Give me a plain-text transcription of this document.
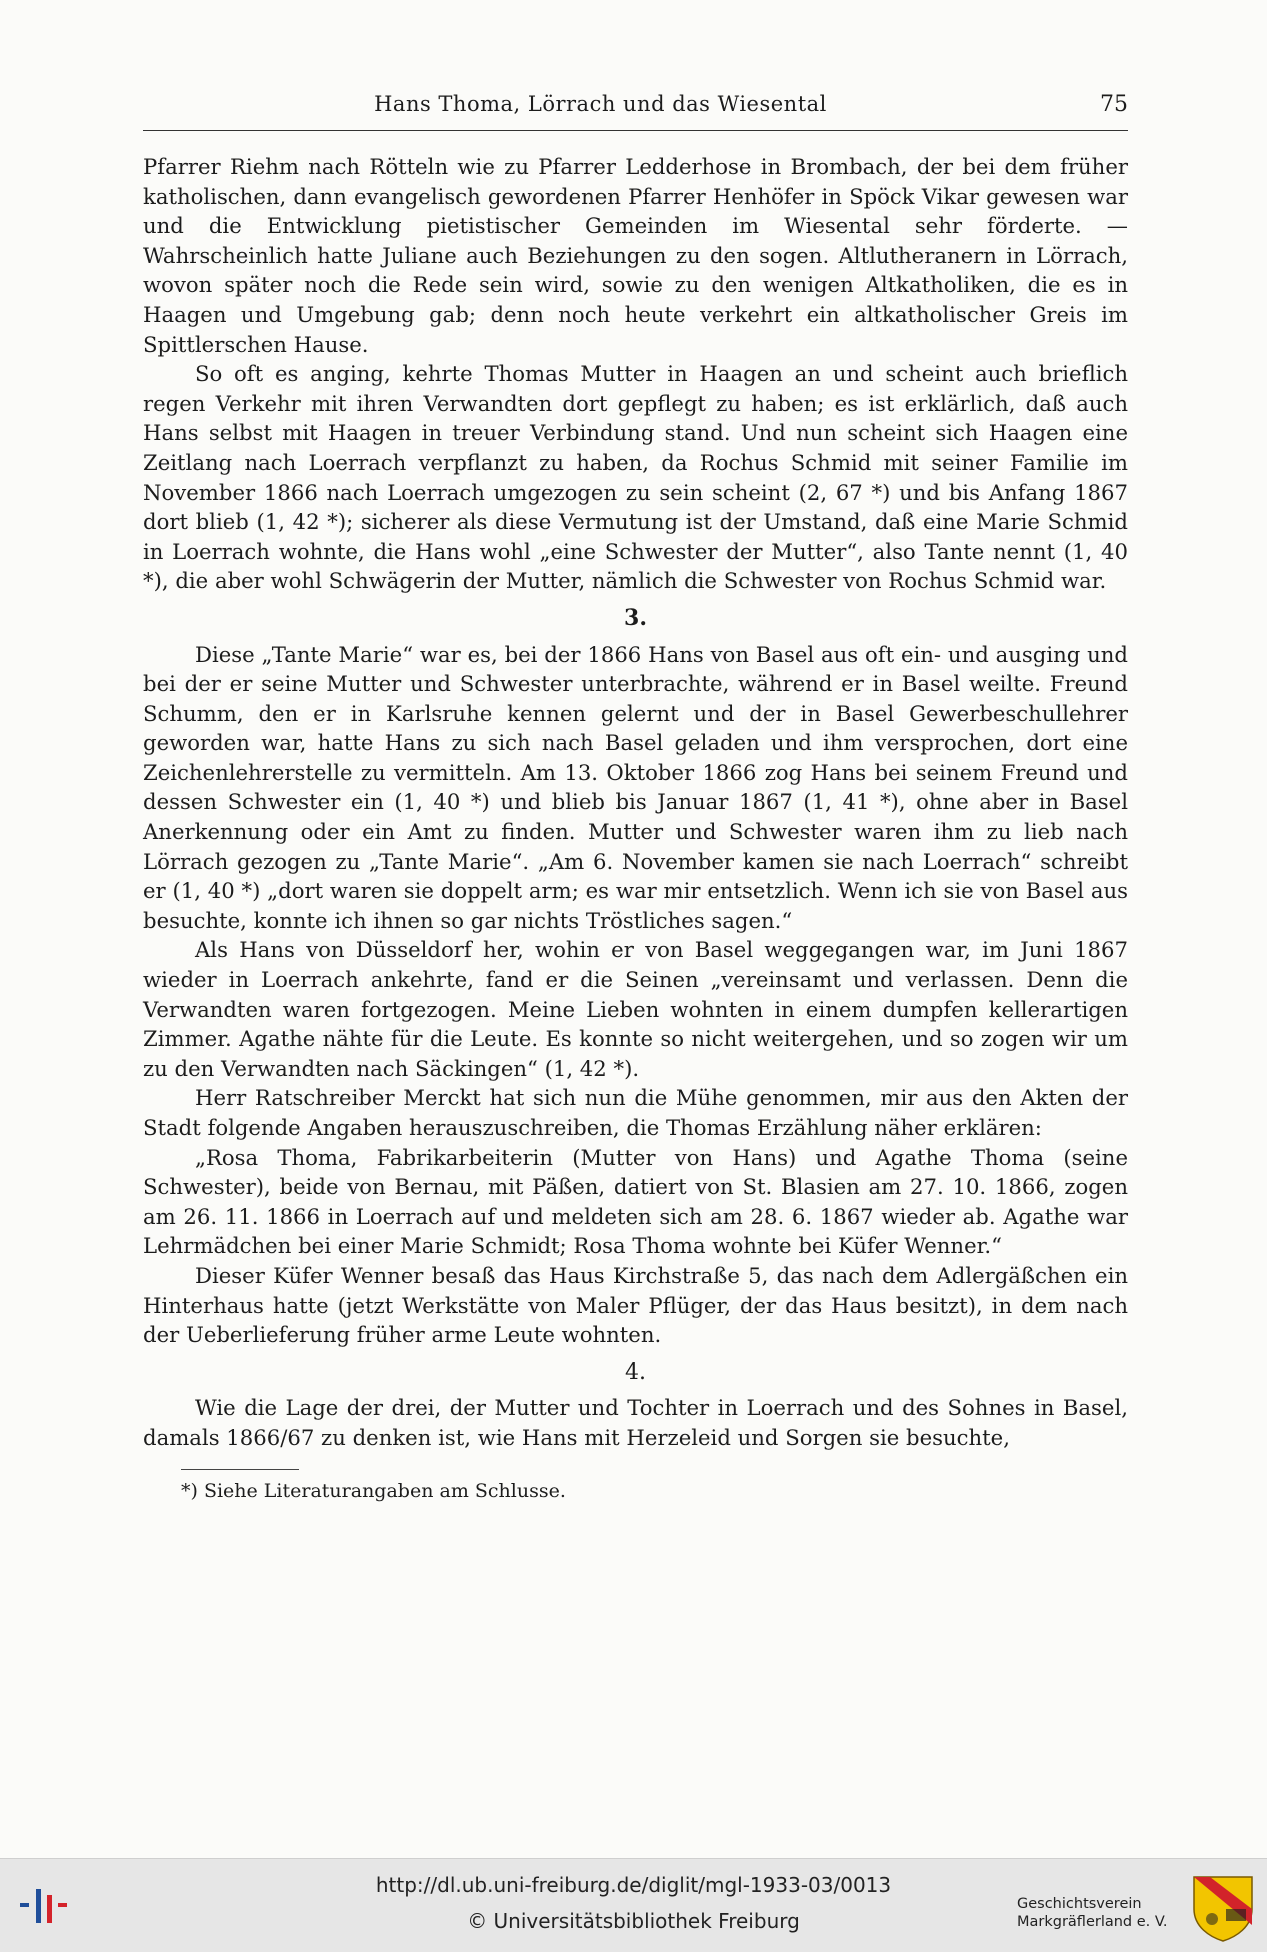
Hans Thoma, Lörrach und das Wiesental	75

Pfarrer Riehm nach Rötteln wie zu Pfarrer Ledderhose in Brombach, der bei dem früher katholischen, dann evangelisch gewordenen Pfarrer Henhöfer in Spöck Vikar gewesen war und die Entwicklung pietistischer Gemeinden im Wiesental sehr förderte. — Wahrscheinlich hatte Juliane auch Beziehungen zu den sogen. Altlutheranern in Lörrach, wovon später noch die Rede sein wird, sowie zu den wenigen Altkatholiken, die es in Haagen und Umgebung gab; denn noch heute verkehrt ein altkatholischer Greis im Spittlerschen Hause.

So oft es anging, kehrte Thomas Mutter in Haagen an und scheint auch brieflich regen Verkehr mit ihren Verwandten dort gepflegt zu haben; es ist erklärlich, daß auch Hans selbst mit Haagen in treuer Verbindung stand. Und nun scheint sich Haagen eine Zeitlang nach Loerrach verpflanzt zu haben, da Rochus Schmid mit seiner Familie im November 1866 nach Loerrach umgezogen zu sein scheint (2, 67 *) und bis Anfang 1867 dort blieb (1, 42 *); sicherer als diese Vermutung ist der Umstand, daß eine Marie Schmid in Loerrach wohnte, die Hans wohl „eine Schwester der Mutter“, also Tante nennt (1, 40 *), die aber wohl Schwägerin der Mutter, nämlich die Schwester von Rochus Schmid war.

3.

Diese „Tante Marie“ war es, bei der 1866 Hans von Basel aus oft ein- und ausging und bei der er seine Mutter und Schwester unterbrachte, während er in Basel weilte. Freund Schumm, den er in Karlsruhe kennen gelernt und der in Basel Gewerbeschullehrer geworden war, hatte Hans zu sich nach Basel geladen und ihm versprochen, dort eine Zeichenlehrerstelle zu vermitteln. Am 13. Oktober 1866 zog Hans bei seinem Freund und dessen Schwester ein (1, 40 *) und blieb bis Januar 1867 (1, 41 *), ohne aber in Basel Anerkennung oder ein Amt zu finden. Mutter und Schwester waren ihm zu lieb nach Lörrach gezogen zu „Tante Marie“. „Am 6. November kamen sie nach Loerrach“ schreibt er (1, 40 *) „dort waren sie doppelt arm; es war mir entsetzlich. Wenn ich sie von Basel aus besuchte, konnte ich ihnen so gar nichts Tröstliches sagen.“

Als Hans von Düsseldorf her, wohin er von Basel weggegangen war, im Juni 1867 wieder in Loerrach ankehrte, fand er die Seinen „vereinsamt und verlassen. Denn die Verwandten waren fortgezogen. Meine Lieben wohnten in einem dumpfen kellerartigen Zimmer. Agathe nähte für die Leute. Es konnte so nicht weitergehen, und so zogen wir um zu den Verwandten nach Säckingen“ (1, 42 *).

Herr Ratschreiber Merckt hat sich nun die Mühe genommen, mir aus den Akten der Stadt folgende Angaben herauszuschreiben, die Thomas Erzählung näher erklären:

„Rosa Thoma, Fabrikarbeiterin (Mutter von Hans) und Agathe Thoma (seine Schwester), beide von Bernau, mit Päßen, datiert von St. Blasien am 27. 10. 1866, zogen am 26. 11. 1866 in Loerrach auf und meldeten sich am 28. 6. 1867 wieder ab. Agathe war Lehrmädchen bei einer Marie Schmidt; Rosa Thoma wohnte bei Küfer Wenner.“

Dieser Küfer Wenner besaß das Haus Kirchstraße 5, das nach dem Adlergäßchen ein Hinterhaus hatte (jetzt Werkstätte von Maler Pflüger, der das Haus besitzt), in dem nach der Ueberlieferung früher arme Leute wohnten.

4.

Wie die Lage der drei, der Mutter und Tochter in Loerrach und des Sohnes in Basel, damals 1866/67 zu denken ist, wie Hans mit Herzeleid und Sorgen sie besuchte,

*) Siehe Literaturangaben am Schlusse.
http://dl.ub.uni-freiburg.de/diglit/mgl-1933-03/0013
© Universitätsbibliothek Freiburg
Geschichtsverein
Markgräflerland e. V.
